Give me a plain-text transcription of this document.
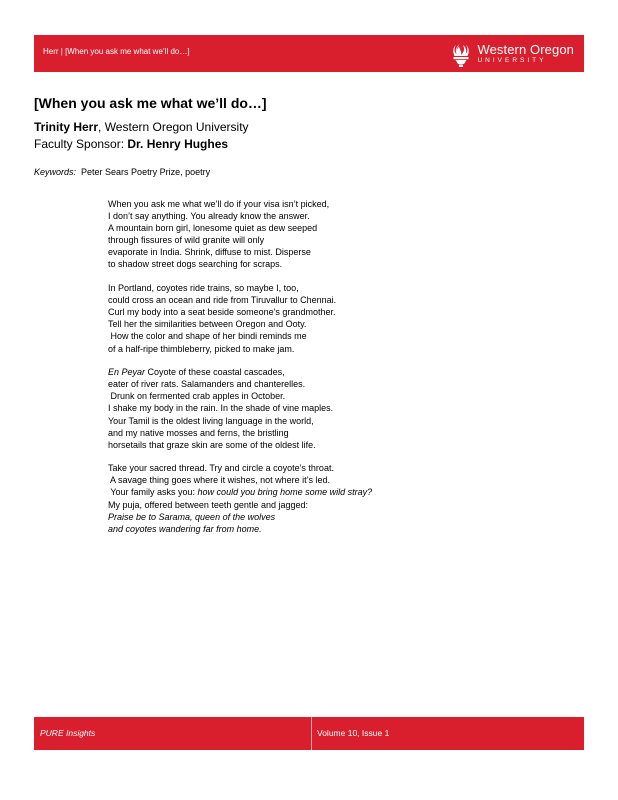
Herr | [When you ask me what we’ll do…]	Western Oregon
UNIVERSITY
[When you ask me what we’ll do…]
Trinity Herr, Western Oregon University
Faculty Sponsor: Dr. Henry Hughes
Keywords:  Peter Sears Poetry Prize, poetry
When you ask me what we’ll do if your visa isn’t picked,
I don’t say anything. You already know the answer.
A mountain born girl, lonesome quiet as dew seeped
through fissures of wild granite will only
evaporate in India. Shrink, diffuse to mist. Disperse
to shadow street dogs searching for scraps.
In Portland, coyotes ride trains, so maybe I, too,
could cross an ocean and ride from Tiruvallur to Chennai.
Curl my body into a seat beside someone’s grandmother.
Tell her the similarities between Oregon and Ooty.
How the color and shape of her bindi reminds me
of a half-ripe thimbleberry, picked to make jam.
En Peyar Coyote of these coastal cascades,
eater of river rats. Salamanders and chanterelles.
Drunk on fermented crab apples in October.
I shake my body in the rain. In the shade of vine maples.
Your Tamil is the oldest living language in the world,
and my native mosses and ferns, the bristling
horsetails that graze skin are some of the oldest life.
Take your sacred thread. Try and circle a coyote’s throat.
A savage thing goes where it wishes, not where it’s led.
Your family asks you: how could you bring home some wild stray?
My puja, offered between teeth gentle and jagged:
Praise be to Sarama, queen of the wolves
and coyotes wandering far from home.
PURE Insights	Volume 10, Issue 1
